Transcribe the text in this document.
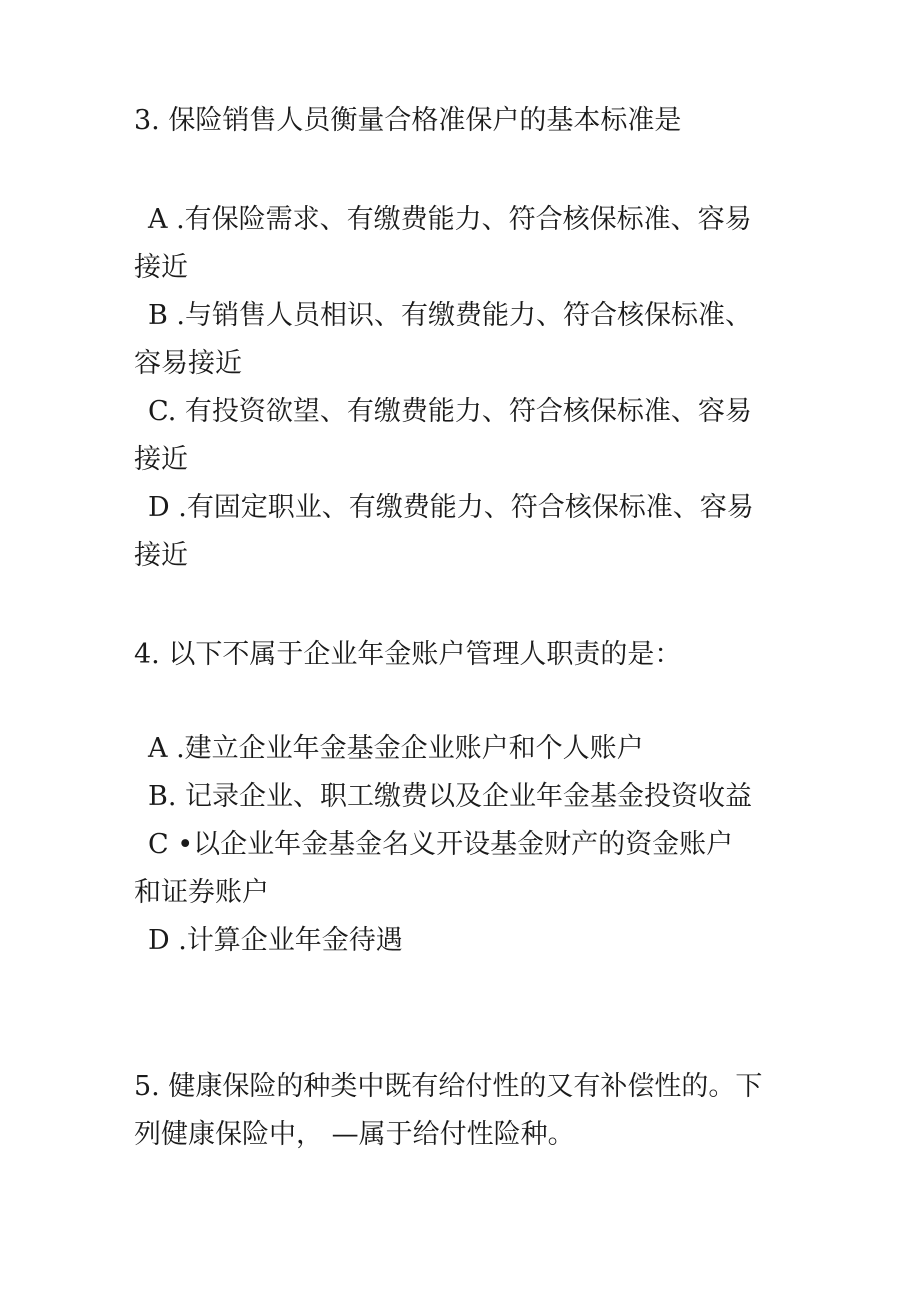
3. 保险销售人员衡量合格准保户的基本标准是

A .有保险需求、有缴费能力、符合核保标准、容易接近
B .与销售人员相识、有缴费能力、符合核保标准、容易接近
C. 有投资欲望、有缴费能力、符合核保标准、容易接近
D .有固定职业、有缴费能力、符合核保标准、容易接近

4. 以下不属于企业年金账户管理人职责的是：

A .建立企业年金基金企业账户和个人账户
B. 记录企业、职工缴费以及企业年金基金投资收益
C •以企业年金基金名义开设基金财产的资金账户和证券账户
D .计算企业年金待遇

5. 健康保险的种类中既有给付性的又有补偿性的。下列健康保险中， —属于给付性险种。
